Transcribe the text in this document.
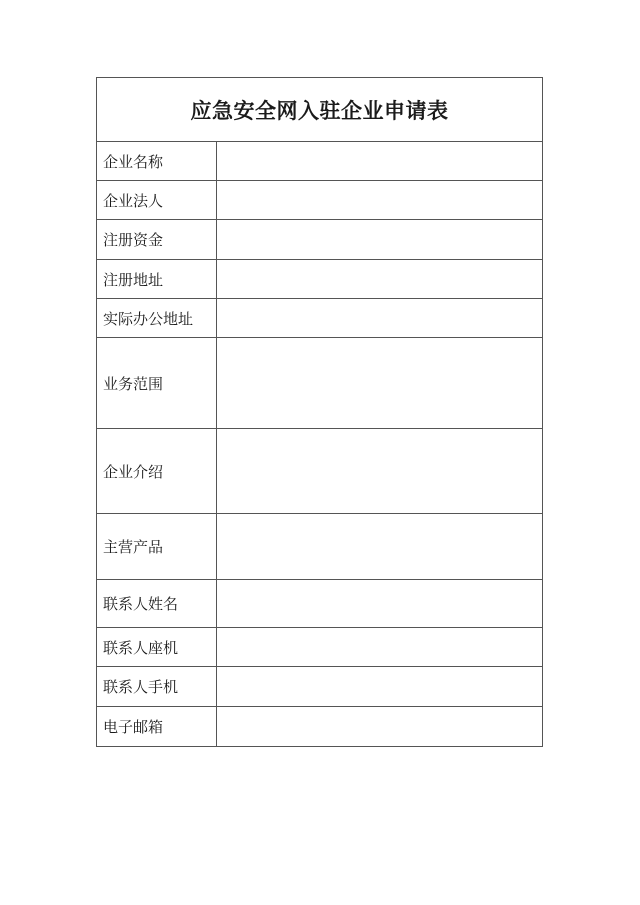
应急安全网入驻企业申请表
企业名称
企业法人
注册资金
注册地址
实际办公地址
业务范围
企业介绍
主营产品
联系人姓名
联系人座机
联系人手机
电子邮箱
